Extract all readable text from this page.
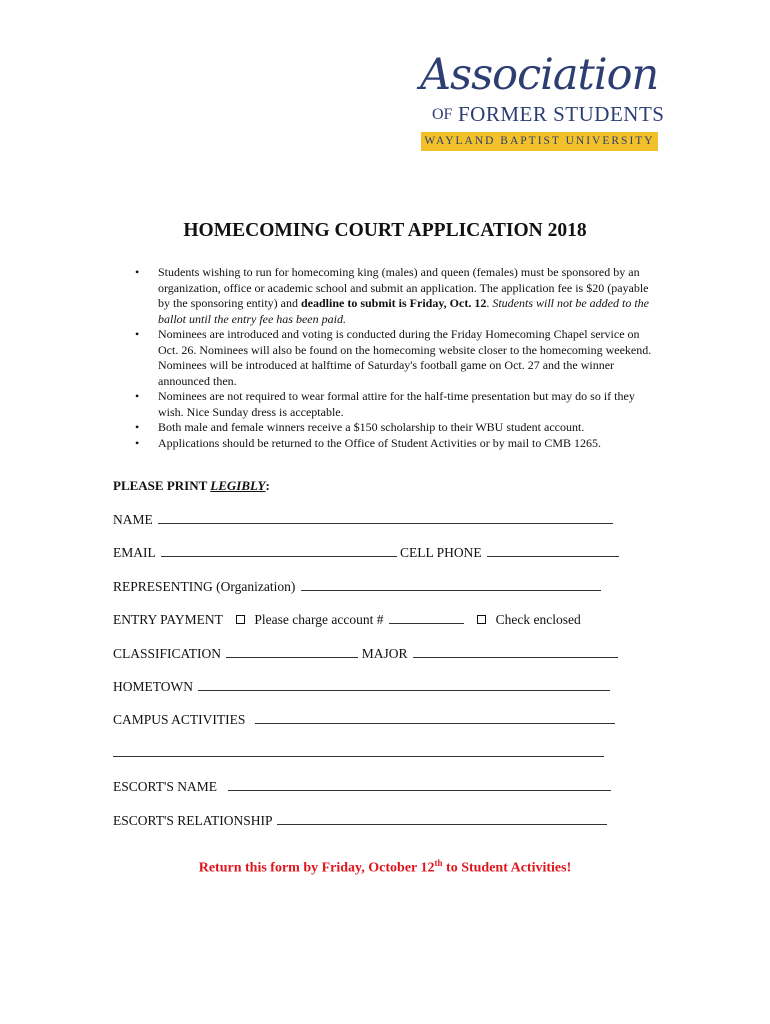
Association
OF FORMER STUDENTS
WAYLAND BAPTIST UNIVERSITY
HOMECOMING COURT APPLICATION 2018
• Students wishing to run for homecoming king (males) and queen (females) must be sponsored by an organization, office or academic school and submit an application. The application fee is $20 (payable by the sponsoring entity) and deadline to submit is Friday, Oct. 12. Students will not be added to the ballot until the entry fee has been paid.
• Nominees are introduced and voting is conducted during the Friday Homecoming Chapel service on Oct. 26. Nominees will also be found on the homecoming website closer to the homecoming weekend. Nominees will be introduced at halftime of Saturday's football game on Oct. 27 and the winner announced then.
• Nominees are not required to wear formal attire for the half-time presentation but may do so if they wish. Nice Sunday dress is acceptable.
• Both male and female winners receive a $150 scholarship to their WBU student account.
• Applications should be returned to the Office of Student Activities or by mail to CMB 1265.

PLEASE PRINT LEGIBLY:

NAME
EMAIL	CELL PHONE
REPRESENTING (Organization)
ENTRY PAYMENT Please charge account #	Check enclosed
CLASSIFICATION	MAJOR
HOMETOWN
CAMPUS ACTIVITIES
ESCORT'S NAME
ESCORT'S RELATIONSHIP

Return this form by Friday, October 12th to Student Activities!
